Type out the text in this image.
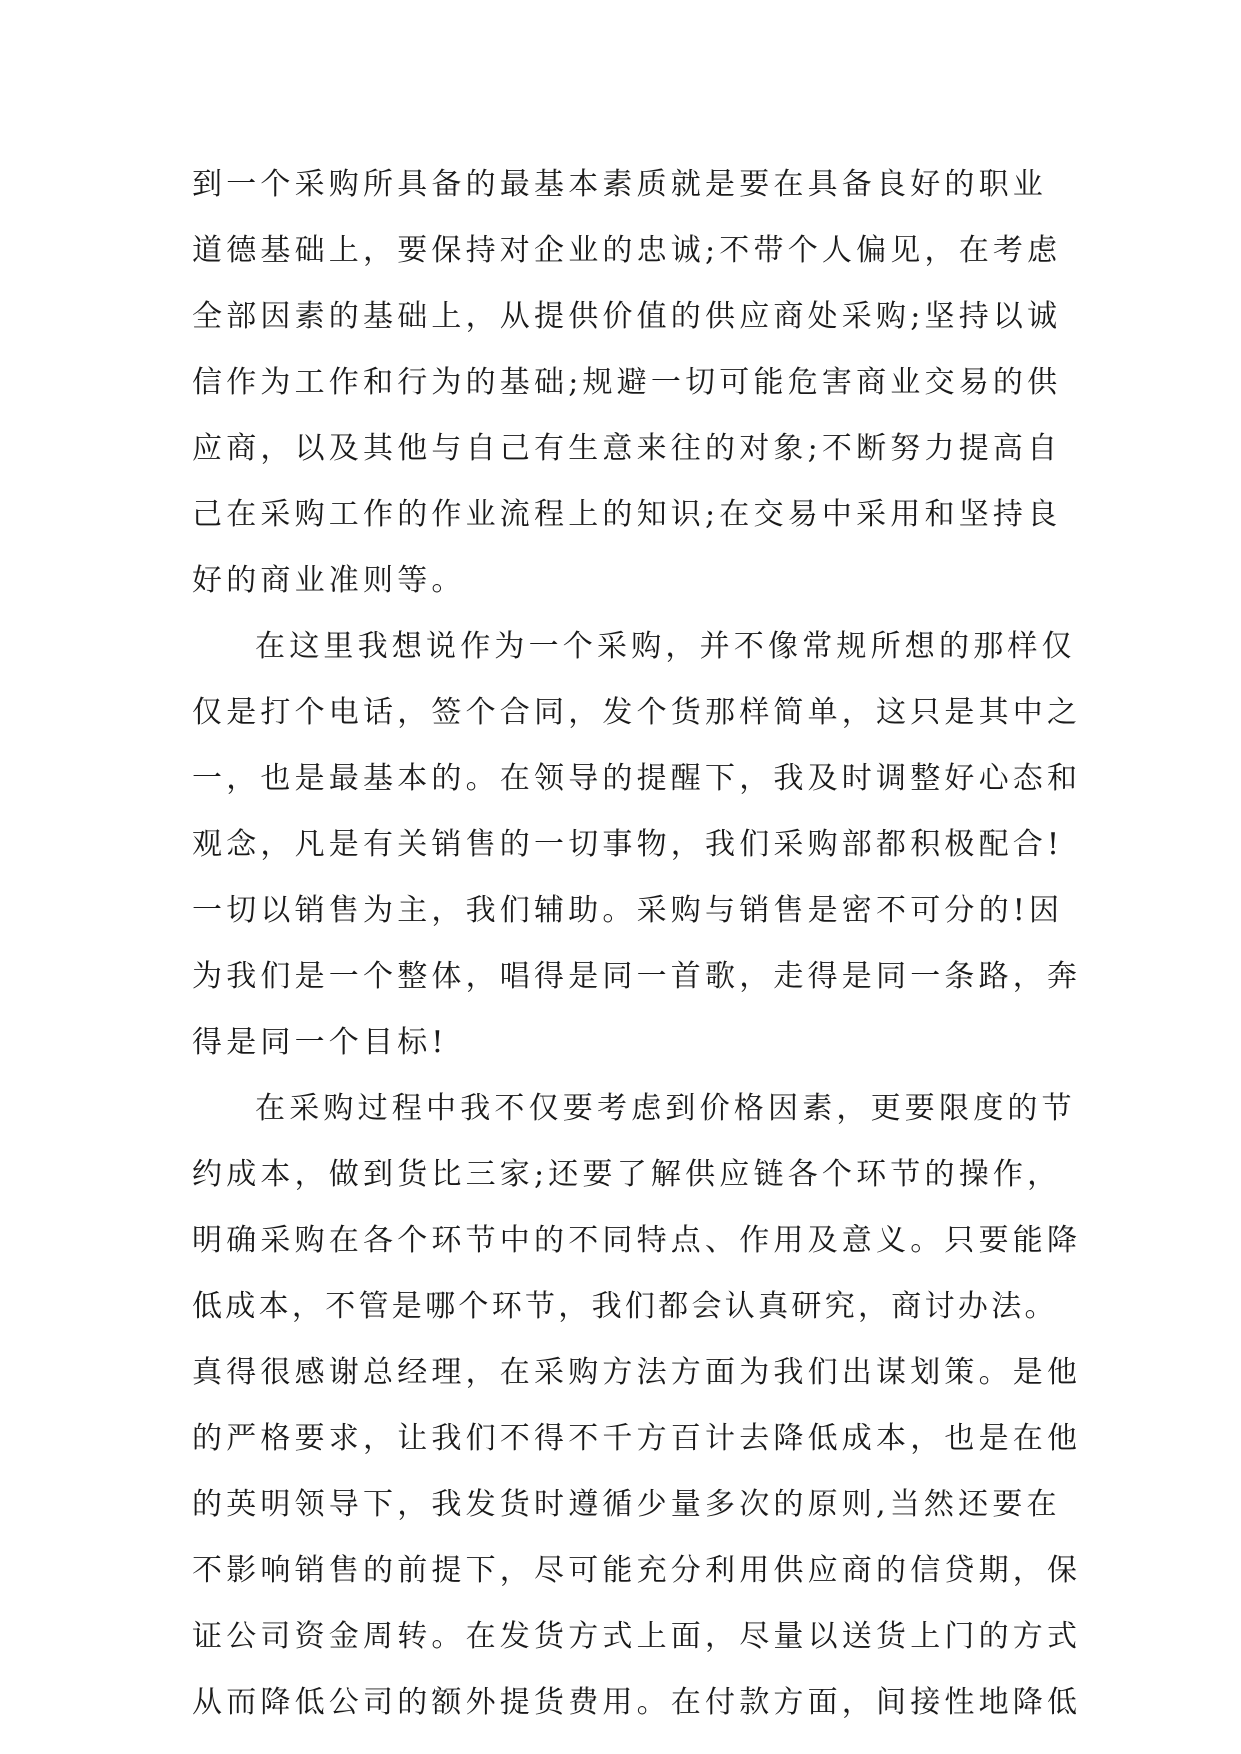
到一个采购所具备的最基本素质就是要在具备良好的职业
道德基础上，要保持对企业的忠诚;不带个人偏见，在考虑
全部因素的基础上，从提供价值的供应商处采购;坚持以诚
信作为工作和行为的基础;规避一切可能危害商业交易的供
应商，以及其他与自己有生意来往的对象;不断努力提高自
己在采购工作的作业流程上的知识;在交易中采用和坚持良
好的商业准则等。
在这里我想说作为一个采购，并不像常规所想的那样仅
仅是打个电话，签个合同，发个货那样简单，这只是其中之
一，也是最基本的。在领导的提醒下，我及时调整好心态和
观念，凡是有关销售的一切事物，我们采购部都积极配合!
一切以销售为主，我们辅助。采购与销售是密不可分的!因
为我们是一个整体，唱得是同一首歌，走得是同一条路，奔
得是同一个目标!
在采购过程中我不仅要考虑到价格因素，更要限度的节
约成本，做到货比三家;还要了解供应链各个环节的操作，
明确采购在各个环节中的不同特点、作用及意义。只要能降
低成本，不管是哪个环节，我们都会认真研究，商讨办法。
真得很感谢总经理，在采购方法方面为我们出谋划策。是他
的严格要求，让我们不得不千方百计去降低成本，也是在他
的英明领导下，我发货时遵循少量多次的原则,当然还要在
不影响销售的前提下，尽可能充分利用供应商的信贷期，保
证公司资金周转。在发货方式上面，尽量以送货上门的方式
从而降低公司的额外提货费用。在付款方面，间接性地降低
